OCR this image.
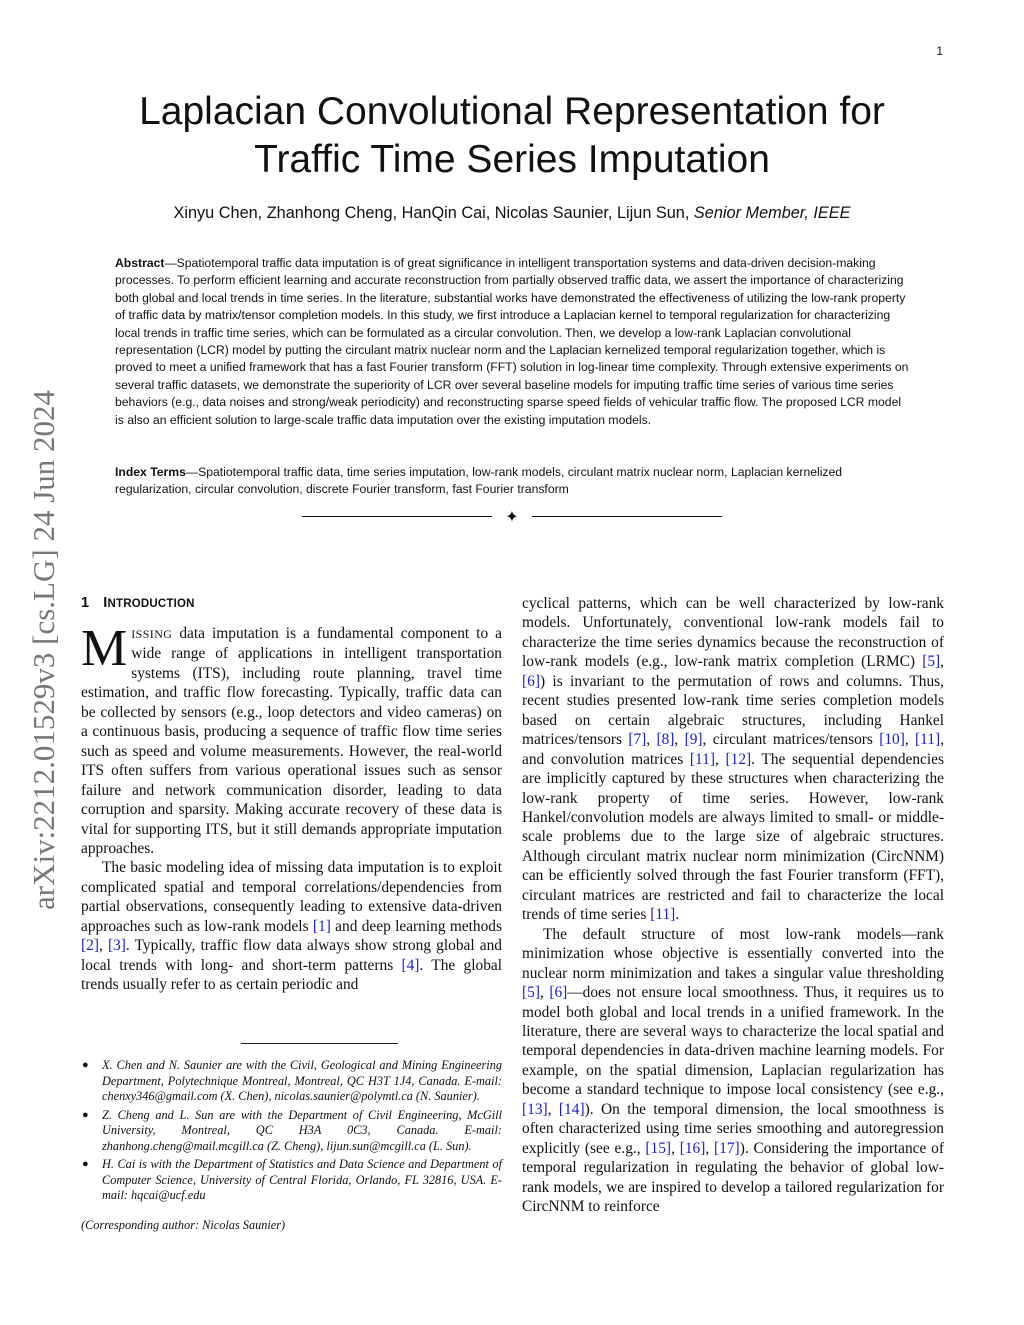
1
arXiv:2212.01529v3 [cs.LG] 24 Jun 2024
Laplacian Convolutional Representation for
Traffic Time Series Imputation
Xinyu Chen, Zhanhong Cheng, HanQin Cai, Nicolas Saunier, Lijun Sun, Senior Member, IEEE

Abstract—Spatiotemporal traffic data imputation is of great significance in intelligent transportation systems and data-driven decision-making processes. To perform efficient learning and accurate reconstruction from partially observed traffic data, we assert the importance of characterizing both global and local trends in time series. In the literature, substantial works have demonstrated the effectiveness of utilizing the low-rank property of traffic data by matrix/tensor completion models. In this study, we first introduce a Laplacian kernel to temporal regularization for characterizing local trends in traffic time series, which can be formulated as a circular convolution. Then, we develop a low-rank Laplacian convolutional representation (LCR) model by putting the circulant matrix nuclear norm and the Laplacian kernelized temporal regularization together, which is proved to meet a unified framework that has a fast Fourier transform (FFT) solution in log-linear time complexity. Through extensive experiments on several traffic datasets, we demonstrate the superiority of LCR over several baseline models for imputing traffic time series of various time series behaviors (e.g., data noises and strong/weak periodicity) and reconstructing sparse speed fields of vehicular traffic flow. The proposed LCR model is also an efficient solution to large-scale traffic data imputation over the existing imputation models.

Index Terms—Spatiotemporal traffic data, time series imputation, low-rank models, circulant matrix nuclear norm, Laplacian kernelized regularization, circular convolution, discrete Fourier transform, fast Fourier transform

✦
1 INTRODUCTION

MISSING data imputation is a fundamental component to a wide range of applications in intelligent transportation systems (ITS), including route planning, travel time estimation, and traffic flow forecasting. Typically, traffic data can be collected by sensors (e.g., loop detectors and video cameras) on a continuous basis, producing a sequence of traffic flow time series such as speed and volume measurements. However, the real-world ITS often suffers from various operational issues such as sensor failure and network communication disorder, leading to data corruption and sparsity. Making accurate recovery of these data is vital for supporting ITS, but it still demands appropriate imputation approaches.

The basic modeling idea of missing data imputation is to exploit complicated spatial and temporal correlations/dependencies from partial observations, consequently leading to extensive data-driven approaches such as low-rank models [1] and deep learning methods [2], [3]. Typically, traffic flow data always show strong global and local trends with long- and short-term patterns [4]. The global trends usually refer to as certain periodic and

● X. Chen and N. Saunier are with the Civil, Geological and Mining Engineering Department, Polytechnique Montreal, Montreal, QC H3T 1J4, Canada. E-mail: chenxy346@gmail.com (X. Chen), nicolas.saunier@polymtl.ca (N. Saunier).
● Z. Cheng and L. Sun are with the Department of Civil Engineering, McGill University, Montreal, QC H3A 0C3, Canada. E-mail: zhanhong.cheng@mail.mcgill.ca (Z. Cheng), lijun.sun@mcgill.ca (L. Sun).
● H. Cai is with the Department of Statistics and Data Science and Department of Computer Science, University of Central Florida, Orlando, FL 32816, USA. E-mail: hqcai@ucf.edu
(Corresponding author: Nicolas Saunier)

cyclical patterns, which can be well characterized by low-rank models. Unfortunately, conventional low-rank models fail to characterize the time series dynamics because the reconstruction of low-rank models (e.g., low-rank matrix completion (LRMC) [5], [6]) is invariant to the permutation of rows and columns. Thus, recent studies presented low-rank time series completion models based on certain algebraic structures, including Hankel matrices/tensors [7], [8], [9], circulant matrices/tensors [10], [11], and convolution matrices [11], [12]. The sequential dependencies are implicitly captured by these structures when characterizing the low-rank property of time series. However, low-rank Hankel/convolution models are always limited to small- or middle-scale problems due to the large size of algebraic structures. Although circulant matrix nuclear norm minimization (CircNNM) can be efficiently solved through the fast Fourier transform (FFT), circulant matrices are restricted and fail to characterize the local trends of time series [11].

The default structure of most low-rank models—rank minimization whose objective is essentially converted into the nuclear norm minimization and takes a singular value thresholding [5], [6]—does not ensure local smoothness. Thus, it requires us to model both global and local trends in a unified framework. In the literature, there are several ways to characterize the local spatial and temporal dependencies in data-driven machine learning models. For example, on the spatial dimension, Laplacian regularization has become a standard technique to impose local consistency (see e.g., [13], [14]). On the temporal dimension, the local smoothness is often characterized using time series smoothing and autoregression explicitly (see e.g., [15], [16], [17]). Considering the importance of temporal regularization in regulating the behavior of global low-rank models, we are inspired to develop a tailored regularization for CircNNM to reinforce
